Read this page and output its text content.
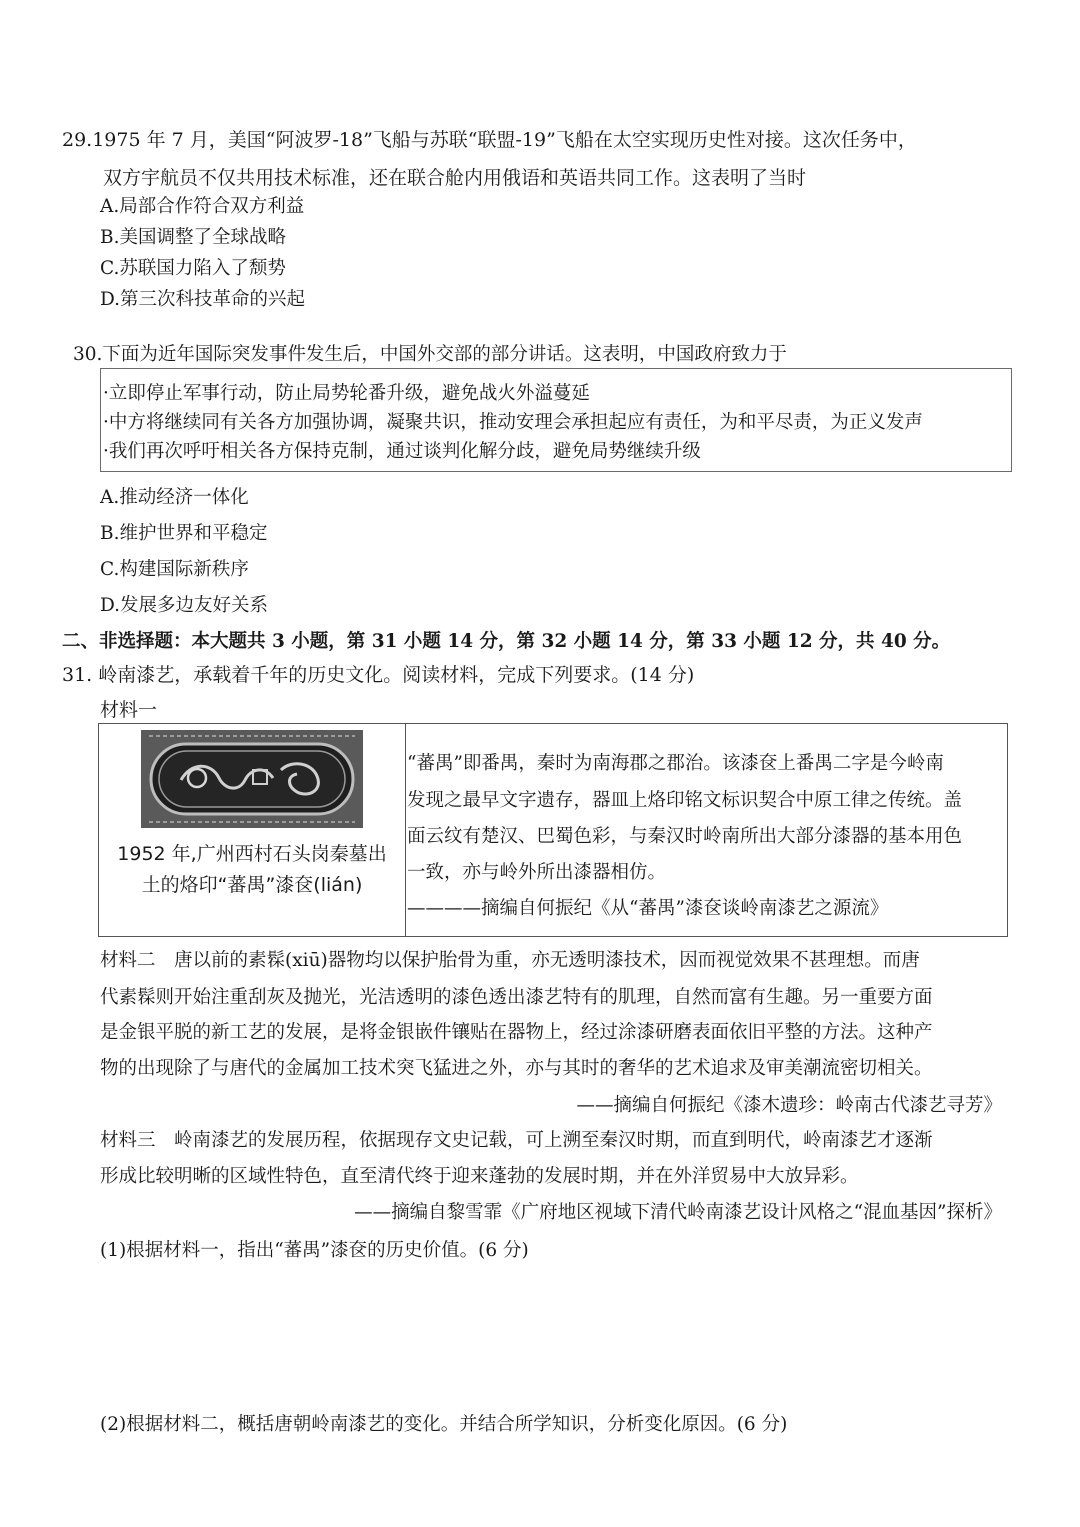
29.1975 年 7 月，美国“阿波罗-18”飞船与苏联“联盟-19”飞船在太空实现历史性对接。这次任务中，
双方宇航员不仅共用技术标准，还在联合舱内用俄语和英语共同工作。这表明了当时
A.局部合作符合双方利益
B.美国调整了全球战略
C.苏联国力陷入了颓势
D.第三次科技革命的兴起
30.下面为近年国际突发事件发生后，中国外交部的部分讲话。这表明，中国政府致力于
·立即停止军事行动，防止局势轮番升级，避免战火外溢蔓延
·中方将继续同有关各方加强协调，凝聚共识，推动安理会承担起应有责任，为和平尽责，为正义发声
·我们再次呼吁相关各方保持克制，通过谈判化解分歧，避免局势继续升级
A.推动经济一体化
B.维护世界和平稳定
C.构建国际新秩序
D.发展多边友好关系
二、非选择题：本大题共 3 小题，第 31 小题 14 分，第 32 小题 14 分，第 33 小题 12 分，共 40 分。
31. 岭南漆艺，承载着千年的历史文化。阅读材料，完成下列要求。(14 分)
材料一
1952 年,广州西村石头岗秦墓出
土的烙印“蕃禺”漆奁(lián)
“蕃禺”即番禺，秦时为南海郡之郡治。该漆奁上番禺二字是今岭南
发现之最早文字遗存，器皿上烙印铭文标识契合中原工律之传统。盖
面云纹有楚汉、巴蜀色彩，与秦汉时岭南所出大部分漆器的基本用色
一致，亦与岭外所出漆器相仿。
————摘编自何振纪《从“蕃禺”漆奁谈岭南漆艺之源流》
材料二　唐以前的素髹(xiū)器物均以保护胎骨为重，亦无透明漆技术，因而视觉效果不甚理想。而唐
代素髹则开始注重刮灰及抛光，光洁透明的漆色透出漆艺特有的肌理，自然而富有生趣。另一重要方面
是金银平脱的新工艺的发展，是将金银嵌件镶贴在器物上，经过涂漆研磨表面依旧平整的方法。这种产
物的出现除了与唐代的金属加工技术突飞猛进之外，亦与其时的奢华的艺术追求及审美潮流密切相关。
——摘编自何振纪《漆木遗珍：岭南古代漆艺寻芳》
材料三　岭南漆艺的发展历程，依据现存文史记载，可上溯至秦汉时期，而直到明代，岭南漆艺才逐渐
形成比较明晰的区域性特色，直至清代终于迎来蓬勃的发展时期，并在外洋贸易中大放异彩。
——摘编自黎雪霏《广府地区视域下清代岭南漆艺设计风格之“混血基因”探析》
(1)根据材料一，指出“蕃禺”漆奁的历史价值。(6 分)
(2)根据材料二，概括唐朝岭南漆艺的变化。并结合所学知识，分析变化原因。(6 分)
